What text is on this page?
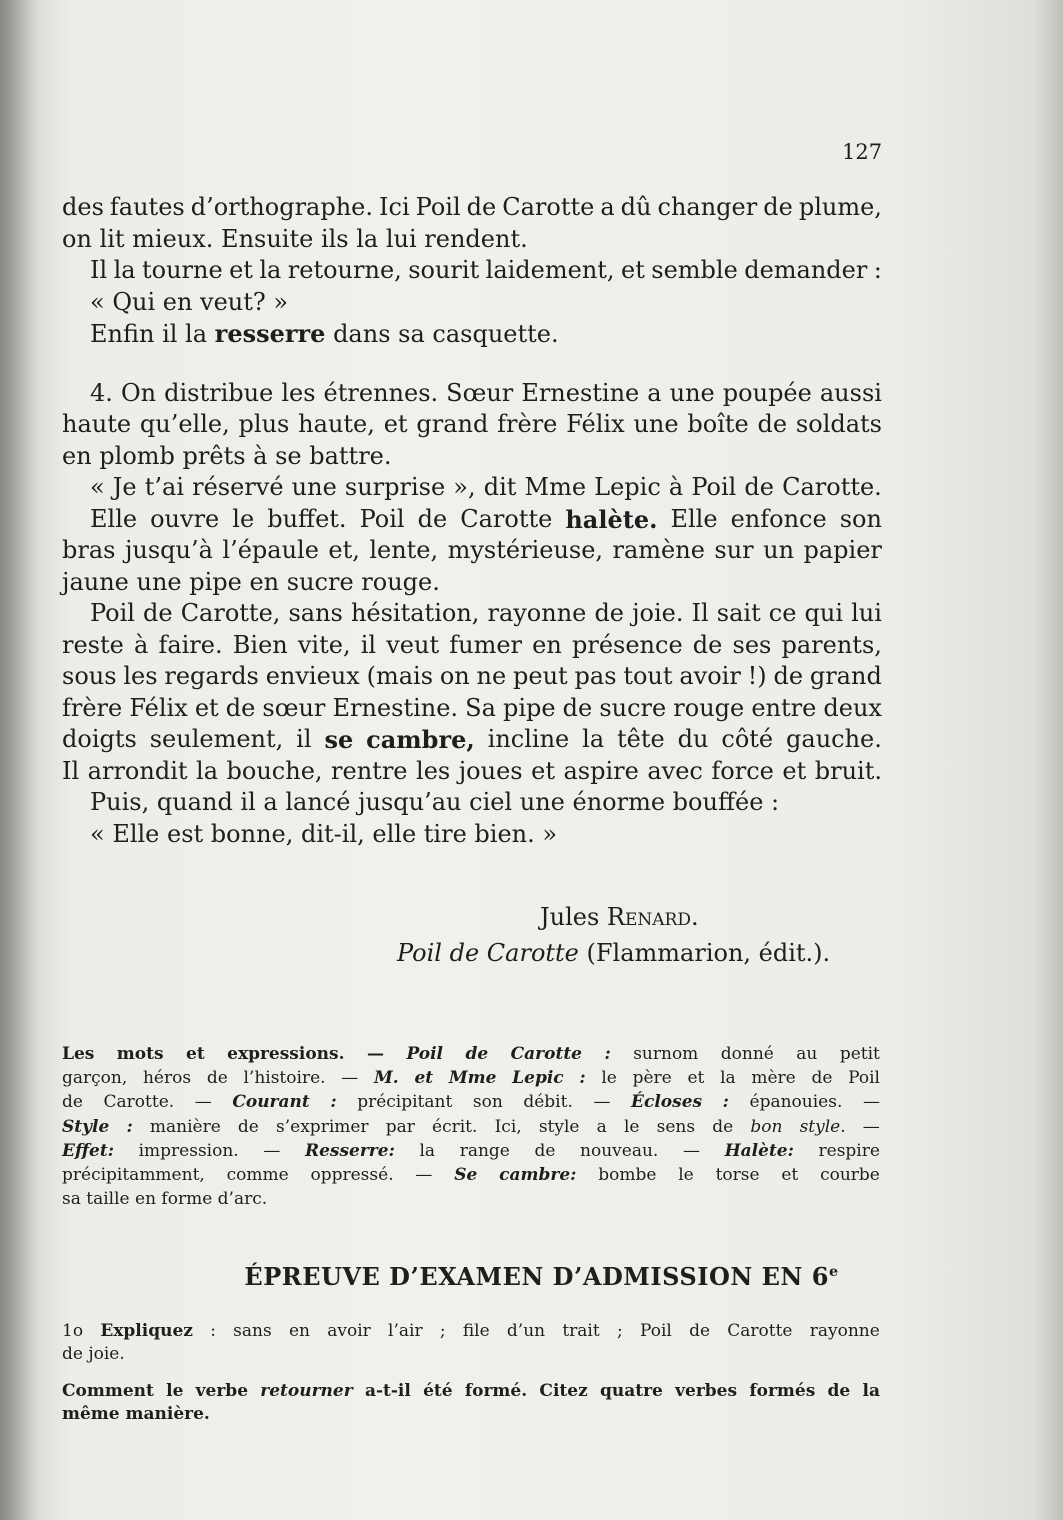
127
des fautes d’orthographe. Ici Poil de Carotte a dû changer de plume,
on lit mieux. Ensuite ils la lui rendent.
Il la tourne et la retourne, sourit laidement, et semble demander :
« Qui en veut? »
Enfin il la resserre dans sa casquette.
4. On distribue les étrennes. Sœur Ernestine a une poupée aussi
haute qu’elle, plus haute, et grand frère Félix une boîte de soldats
en plomb prêts à se battre.
« Je t’ai réservé une surprise », dit Mme Lepic à Poil de Carotte.
Elle ouvre le buffet. Poil de Carotte halète. Elle enfonce son
bras jusqu’à l’épaule et, lente, mystérieuse, ramène sur un papier
jaune une pipe en sucre rouge.
Poil de Carotte, sans hésitation, rayonne de joie. Il sait ce qui lui
reste à faire. Bien vite, il veut fumer en présence de ses parents,
sous les regards envieux (mais on ne peut pas tout avoir !) de grand
frère Félix et de sœur Ernestine. Sa pipe de sucre rouge entre deux
doigts seulement, il se cambre, incline la tête du côté gauche.
Il arrondit la bouche, rentre les joues et aspire avec force et bruit.
Puis, quand il a lancé jusqu’au ciel une énorme bouffée :
« Elle est bonne, dit-il, elle tire bien. »
Jules Renard.
Poil de Carotte (Flammarion, édit.).
Les mots et expressions. — Poil de Carotte : surnom donné au petit
garçon, héros de l’histoire. — M. et Mme Lepic : le père et la mère de Poil
de Carotte. — Courant : précipitant son débit. — Écloses : épanouies. —
Style : manière de s’exprimer par écrit. Ici, style a le sens de bon style. —
Effet: impression. — Resserre: la range de nouveau. — Halète: respire
précipitamment, comme oppressé. — Se cambre: bombe le torse et courbe
sa taille en forme d’arc.
ÉPREUVE D’EXAMEN D’ADMISSION EN 6e
1o Expliquez : sans en avoir l’air ; file d’un trait ; Poil de Carotte rayonne
de joie.
Comment le verbe retourner a-t-il été formé. Citez quatre verbes formés de la
même manière.
